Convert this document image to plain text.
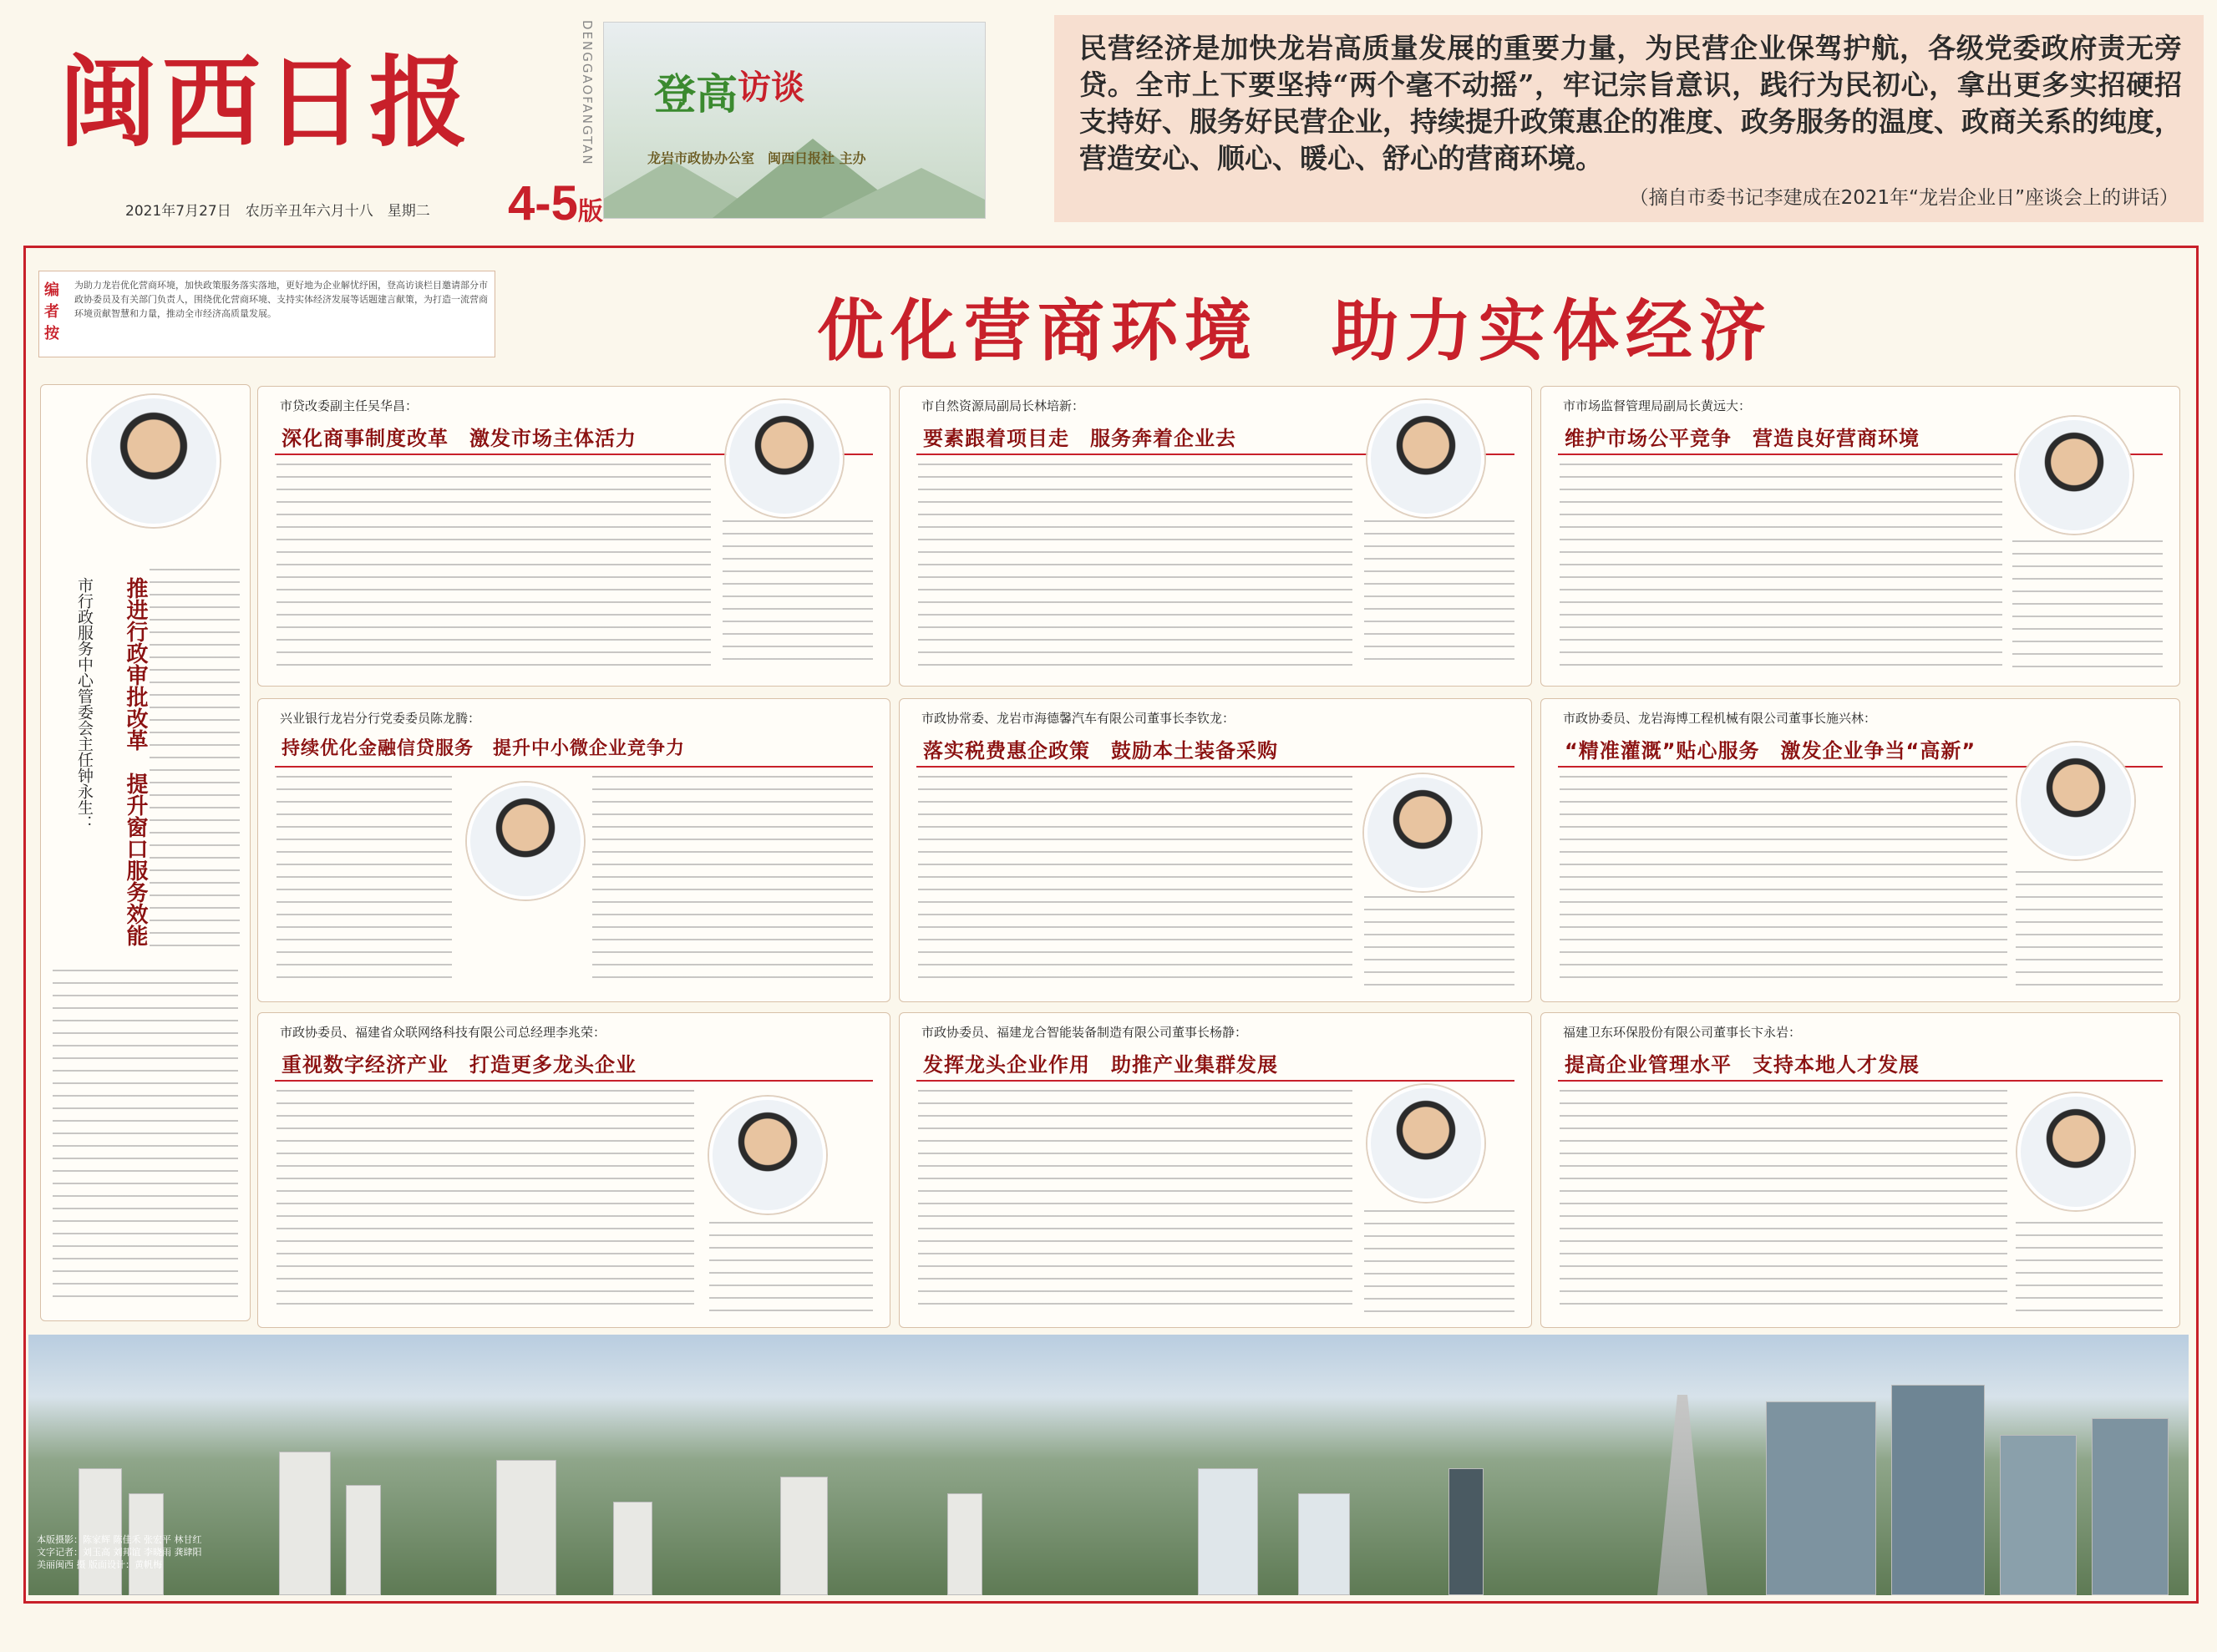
闽西日报	DENGGAOFANGTAN
2021年7月27日　农历辛丑年六月十八　星期二 4-5版
登高$^{访谈}$
龙岩市政协办公室　闽西日报社 主办
民营经济是加快龙岩高质量发展的重要力量，为民营企业保驾护航，各级党委政府责无旁贷。全市上下要坚持“两个毫不动摇”，牢记宗旨意识，践行为民初心，拿出更多实招硬招支持好、服务好民营企业，持续提升政策惠企的准度、政务服务的温度、政商关系的纯度，营造安心、顺心、暖心、舒心的营商环境。
（摘自市委书记李建成在2021年“龙岩企业日”座谈会上的讲话）
编者按
为助力龙岩优化营商环境，加快政策服务落实落地，更好地为企业解忧纾困，登高访谈栏目邀请部分市政协委员及有关部门负责人，围绕优化营商环境、支持实体经济发展等话题建言献策，为打造一流营商环境贡献智慧和力量，推动全市经济高质量发展。	优化营商环境　助力实体经济
市行政服务中心管委会主任钟永生：	推进行政审批改革　提升窗口服务效能
市贷改委副主任吴华昌：
深化商事制度改革　激发市场主体活力
市自然资源局副局长林培新：
要素跟着项目走　服务奔着企业去
市市场监督管理局副局长黄远大：
维护市场公平竞争　营造良好营商环境
兴业银行龙岩分行党委委员陈龙腾：
持续优化金融信贷服务　提升中小微企业竞争力
市政协常委、龙岩市海德馨汽车有限公司董事长李钦龙：
落实税费惠企政策　鼓励本土装备采购
市政协委员、龙岩海博工程机械有限公司董事长施兴林：
“精准灌溉”贴心服务　激发企业争当“高新”
市政协委员、福建省众联网络科技有限公司总经理李兆荣：
重视数字经济产业　打造更多龙头企业
市政协委员、福建龙合智能装备制造有限公司董事长杨静：
发挥龙头企业作用　助推产业集群发展
福建卫东环保股份有限公司董事长卞永岩：
提高企业管理水平　支持本地人才发展
本版摄影：陈家辉 陈佳禾 张宏平 林甘红 文字记者：刘玉高 刘邦谊 李晓雨 龚肆阳 美丽闽西 摄 版面设计：黄帆梅
